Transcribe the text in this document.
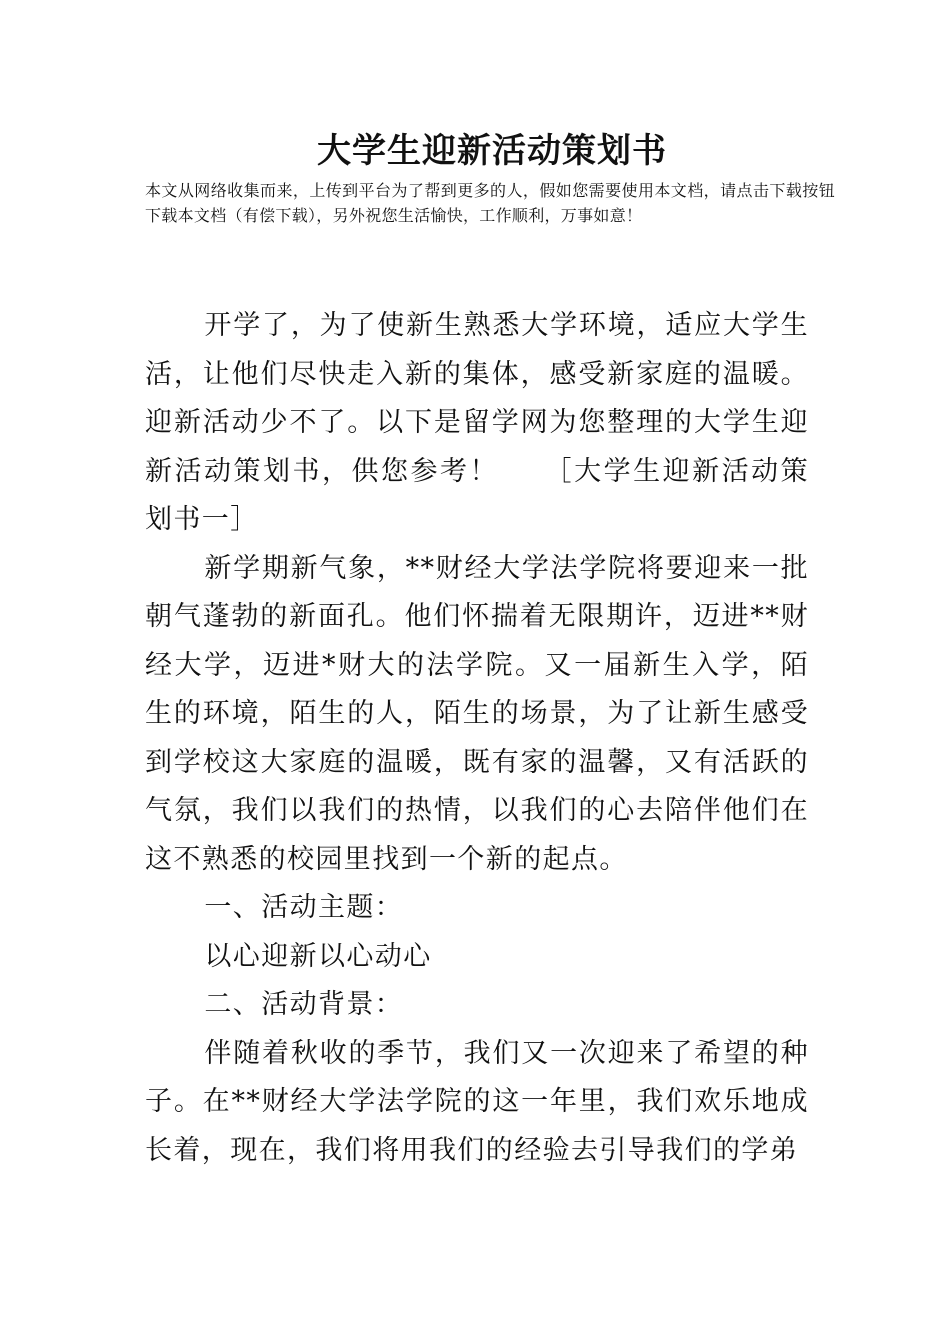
大学生迎新活动策划书

本文从网络收集而来，上传到平台为了帮到更多的人，假如您需要使用本文档，请点击下载按钮下载本文档（有偿下载），另外祝您生活愉快，工作顺利，万事如意！

开学了，为了使新生熟悉大学环境，适应大学生活，让他们尽快走入新的集体，感受新家庭的温暖。迎新活动少不了。以下是留学网为您整理的大学生迎新活动策划书，供您参考！　　［大学生迎新活动策划书一］

新学期新气象，**财经大学法学院将要迎来一批朝气蓬勃的新面孔。他们怀揣着无限期许，迈进**财经大学，迈进*财大的法学院。又一届新生入学，陌生的环境，陌生的人，陌生的场景，为了让新生感受到学校这大家庭的温暖，既有家的温馨，又有活跃的气氛，我们以我们的热情，以我们的心去陪伴他们在这不熟悉的校园里找到一个新的起点。

一、活动主题：

以心迎新以心动心

二、活动背景：

伴随着秋收的季节，我们又一次迎来了希望的种子。在**财经大学法学院的这一年里，我们欢乐地成长着，现在，我们将用我们的经验去引导我们的学弟
